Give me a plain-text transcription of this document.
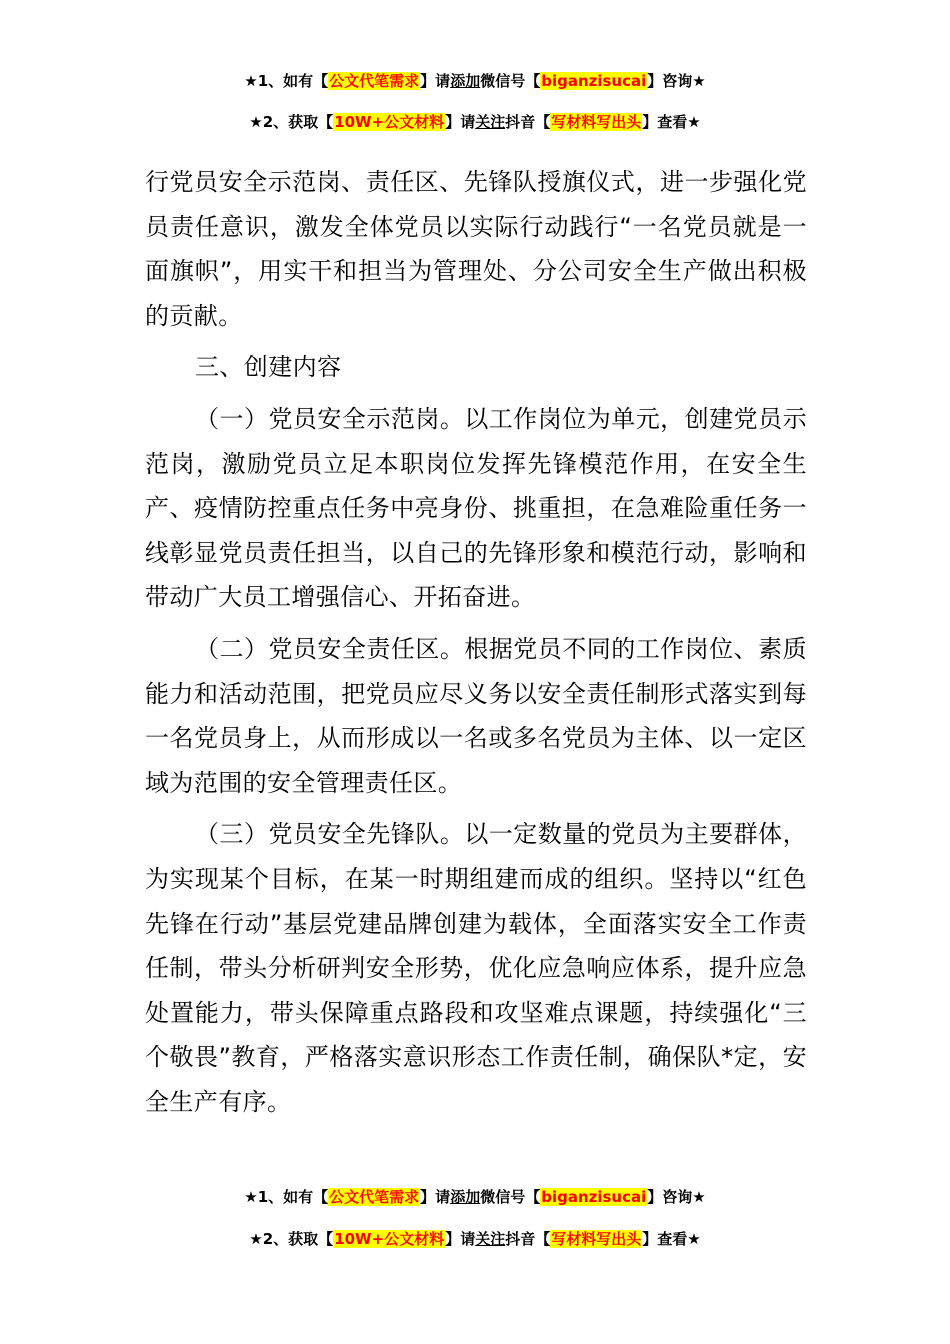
★1、如有【公文代笔需求】请添加微信号【biganzisucai】咨询★
★2、获取【10W+公文材料】请关注抖音【写材料写出头】查看★

行党员安全示范岗、责任区、先锋队授旗仪式，进一步强化党员责任意识，激发全体党员以实际行动践行“一名党员就是一面旗帜”，用实干和担当为管理处、分公司安全生产做出积极的贡献。

三、创建内容

（一）党员安全示范岗。以工作岗位为单元，创建党员示范岗，激励党员立足本职岗位发挥先锋模范作用，在安全生产、疫情防控重点任务中亮身份、挑重担，在急难险重任务一线彰显党员责任担当，以自己的先锋形象和模范行动，影响和带动广大员工增强信心、开拓奋进。

（二）党员安全责任区。根据党员不同的工作岗位、素质能力和活动范围，把党员应尽义务以安全责任制形式落实到每一名党员身上，从而形成以一名或多名党员为主体、以一定区域为范围的安全管理责任区。

（三）党员安全先锋队。以一定数量的党员为主要群体，为实现某个目标，在某一时期组建而成的组织。坚持以“红色先锋在行动”基层党建品牌创建为载体，全面落实安全工作责任制，带头分析研判安全形势，优化应急响应体系，提升应急处置能力，带头保障重点路段和攻坚难点课题，持续强化“三个敬畏”教育，严格落实意识形态工作责任制，确保队*定，安全生产有序。

★1、如有【公文代笔需求】请添加微信号【biganzisucai】咨询★
★2、获取【10W+公文材料】请关注抖音【写材料写出头】查看★
